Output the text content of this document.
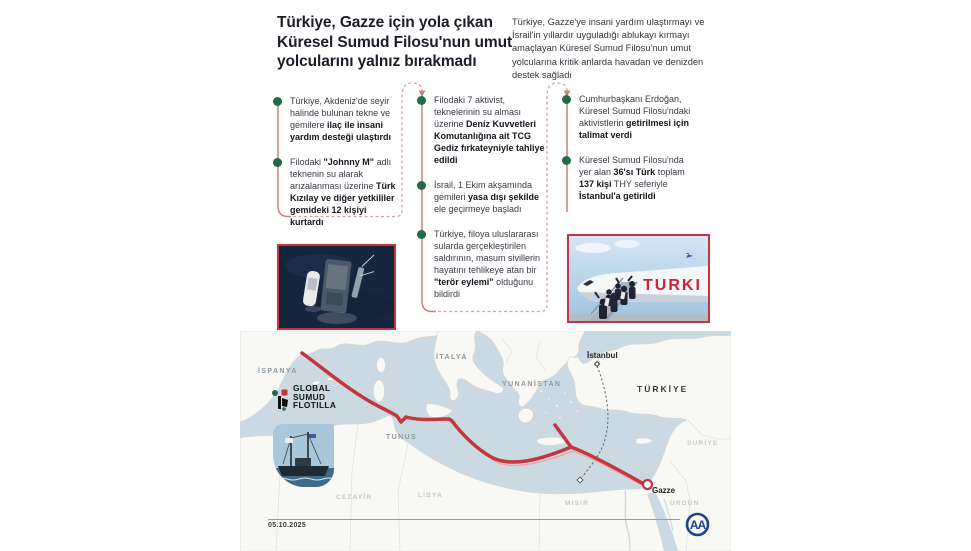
İSPANYA
İTALYA
YUNANİSTAN
TUNUS
TÜRKİYE
SURİYE
CEZAYİR	LİBYA
MISIR	ÜRDÜN
İstanbul
Gazze
05.10.2025	AA
GLOBAL
SUMUD
FLOTILLA
Türkiye, Gazze için yola çıkan Küresel Sumud Filosu'nun umut yolcularını yalnız bırakmadı
Türkiye, Gazze'ye insani yardım ulaştırmayı ve İsrail'in yıllardır uyguladığı ablukayı kırmayı amaçlayan Küresel Sumud Filosu'nun umut yolcularına kritik anlarda havadan ve denizden destek sağladı
Türkiye, Akdeniz'de seyir halinde bulunan tekne ve gemilere ilaç ile insani yardım desteği ulaştırdı
Filodaki "Johnny M" adlı teknenin su alarak arızalanması üzerine Türk Kızılay ve diğer yetkililer gemideki 12 kişiyi kurtardı
Filodaki 7 aktivist, teknelerinin su alması üzerine Deniz Kuvvetleri Komutanlığına ait TCG Gediz fırkateyniyle tahliye edildi
İsrail, 1 Ekim akşamında gemileri yasa dışı şekilde ele geçirmeye başladı
Türkiye, filoya uluslararası sularda gerçekleştirilen saldırının, masum sivillerin hayatını tehlikeye atan bir "terör eylemi" olduğunu bildirdi
Cumhurbaşkanı Erdoğan, Küresel Sumud Filosu'ndaki aktivistlerin getirilmesi için talimat verdi
Küresel Sumud Filosu'nda yer alan 36'sı Türk toplam 137 kişi THY seferiyle İstanbul'a getirildi
TURKI
